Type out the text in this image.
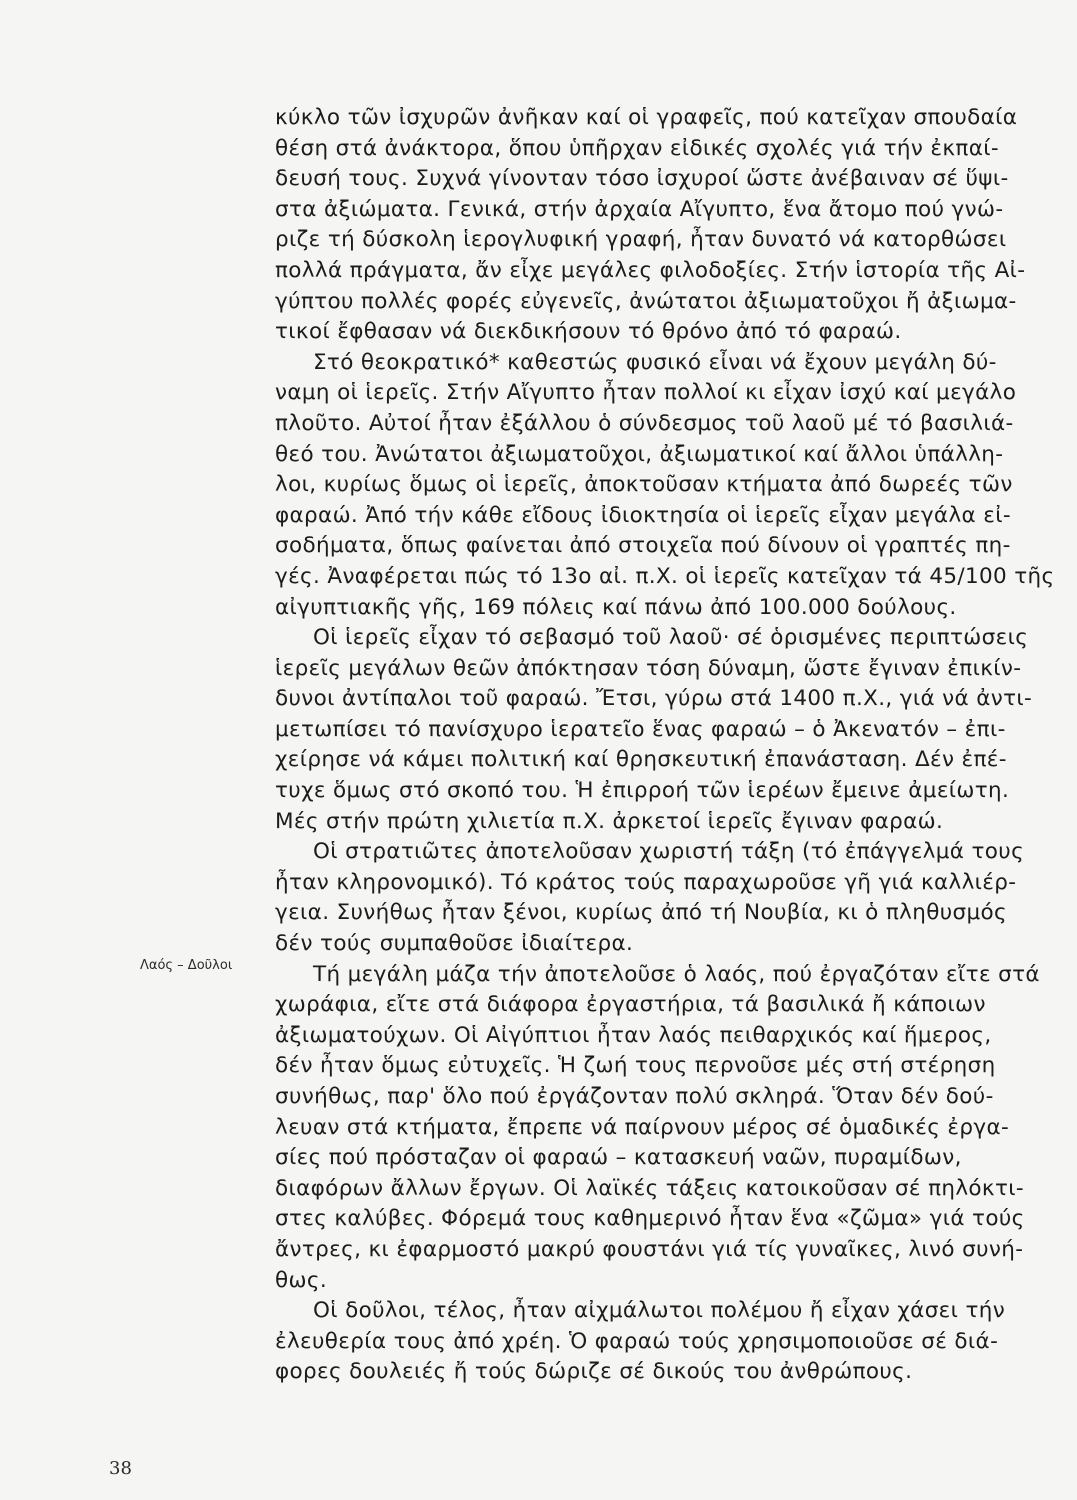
Λαός – Δοῦλοι
κύκλο τῶν ἰσχυρῶν ἀνῆκαν καί οἱ γραφεῖς, πού κατεῖχαν σπουδαία
θέση στά ἀνάκτορα, ὅπου ὑπῆρχαν εἰδικές σχολές γιά τήν ἐκπαί-
δευσή τους. Συχνά γίνονταν τόσο ἰσχυροί ὥστε ἀνέβαιναν σέ ὕψι-
στα ἀξιώματα. Γενικά, στήν ἀρχαία Αἴγυπτο, ἕνα ἄτομο πού γνώ-
ριζε τή δύσκολη ἱερογλυφική γραφή, ἦταν δυνατό νά κατορθώσει
πολλά πράγματα, ἄν εἶχε μεγάλες φιλοδοξίες. Στήν ἱστορία τῆς Αἰ-
γύπτου πολλές φορές εὐγενεῖς, ἀνώτατοι ἀξιωματοῦχοι ἤ ἀξιωμα-
τικοί ἔφθασαν νά διεκδικήσουν τό θρόνο ἀπό τό φαραώ.
Στό θεοκρατικό* καθεστώς φυσικό εἶναι νά ἔχουν μεγάλη δύ-
ναμη οἱ ἱερεῖς. Στήν Αἴγυπτο ἦταν πολλοί κι εἶχαν ἰσχύ καί μεγάλο
πλοῦτο. Αὐτοί ἦταν ἐξάλλου ὁ σύνδεσμος τοῦ λαοῦ μέ τό βασιλιά-
θεό του. Ἀνώτατοι ἀξιωματοῦχοι, ἀξιωματικοί καί ἄλλοι ὑπάλλη-
λοι, κυρίως ὅμως οἱ ἱερεῖς, ἀποκτοῦσαν κτήματα ἀπό δωρεές τῶν
φαραώ. Ἀπό τήν κάθε εἴδους ἰδιοκτησία οἱ ἱερεῖς εἶχαν μεγάλα εἰ-
σοδήματα, ὅπως φαίνεται ἀπό στοιχεῖα πού δίνουν οἱ γραπτές πη-
γές. Ἀναφέρεται πώς τό 13ο αἰ. π.Χ. οἱ ἱερεῖς κατεῖχαν τά 45/100 τῆς
αἰγυπτιακῆς γῆς, 169 πόλεις καί πάνω ἀπό 100.000 δούλους.
Οἱ ἱερεῖς εἶχαν τό σεβασμό τοῦ λαοῦ· σέ ὁρισμένες περιπτώσεις
ἱερεῖς μεγάλων θεῶν ἀπόκτησαν τόση δύναμη, ὥστε ἔγιναν ἐπικίν-
δυνοι ἀντίπαλοι τοῦ φαραώ. Ἔτσι, γύρω στά 1400 π.Χ., γιά νά ἀντι-
μετωπίσει τό πανίσχυρο ἱερατεῖο ἕνας φαραώ – ὁ Ἀκενατόν – ἐπι-
χείρησε νά κάμει πολιτική καί θρησκευτική ἐπανάσταση. Δέν ἐπέ-
τυχε ὅμως στό σκοπό του. Ἡ ἐπιρροή τῶν ἱερέων ἔμεινε ἀμείωτη.
Μές στήν πρώτη χιλιετία π.Χ. ἀρκετοί ἱερεῖς ἔγιναν φαραώ.
Οἱ στρατιῶτες ἀποτελοῦσαν χωριστή τάξη (τό ἐπάγγελμά τους
ἦταν κληρονομικό). Τό κράτος τούς παραχωροῦσε γῆ γιά καλλιέρ-
γεια. Συνήθως ἦταν ξένοι, κυρίως ἀπό τή Νουβία, κι ὁ πληθυσμός
δέν τούς συμπαθοῦσε ἰδιαίτερα.
Τή μεγάλη μάζα τήν ἀποτελοῦσε ὁ λαός, πού ἐργαζόταν εἴτε στά
χωράφια, εἴτε στά διάφορα ἐργαστήρια, τά βασιλικά ἤ κάποιων
ἀξιωματούχων. Οἱ Αἰγύπτιοι ἦταν λαός πειθαρχικός καί ἥμερος,
δέν ἦταν ὅμως εὐτυχεῖς. Ἡ ζωή τους περνοῦσε μές στή στέρηση
συνήθως, παρ' ὅλο πού ἐργάζονταν πολύ σκληρά. Ὅταν δέν δού-
λευαν στά κτήματα, ἔπρεπε νά παίρνουν μέρος σέ ὁμαδικές ἐργα-
σίες πού πρόσταζαν οἱ φαραώ – κατασκευή ναῶν, πυραμίδων,
διαφόρων ἄλλων ἔργων. Οἱ λαϊκές τάξεις κατοικοῦσαν σέ πηλόκτι-
στες καλύβες. Φόρεμά τους καθημερινό ἦταν ἕνα «ζῶμα» γιά τούς
ἄντρες, κι ἐφαρμοστό μακρύ φουστάνι γιά τίς γυναῖκες, λινό συνή-
θως.
Οἱ δοῦλοι, τέλος, ἦταν αἰχμάλωτοι πολέμου ἤ εἶχαν χάσει τήν
ἐλευθερία τους ἀπό χρέη. Ὁ φαραώ τούς χρησιμοποιοῦσε σέ διά-
φορες δουλειές ἤ τούς δώριζε σέ δικούς του ἀνθρώπους.
38
